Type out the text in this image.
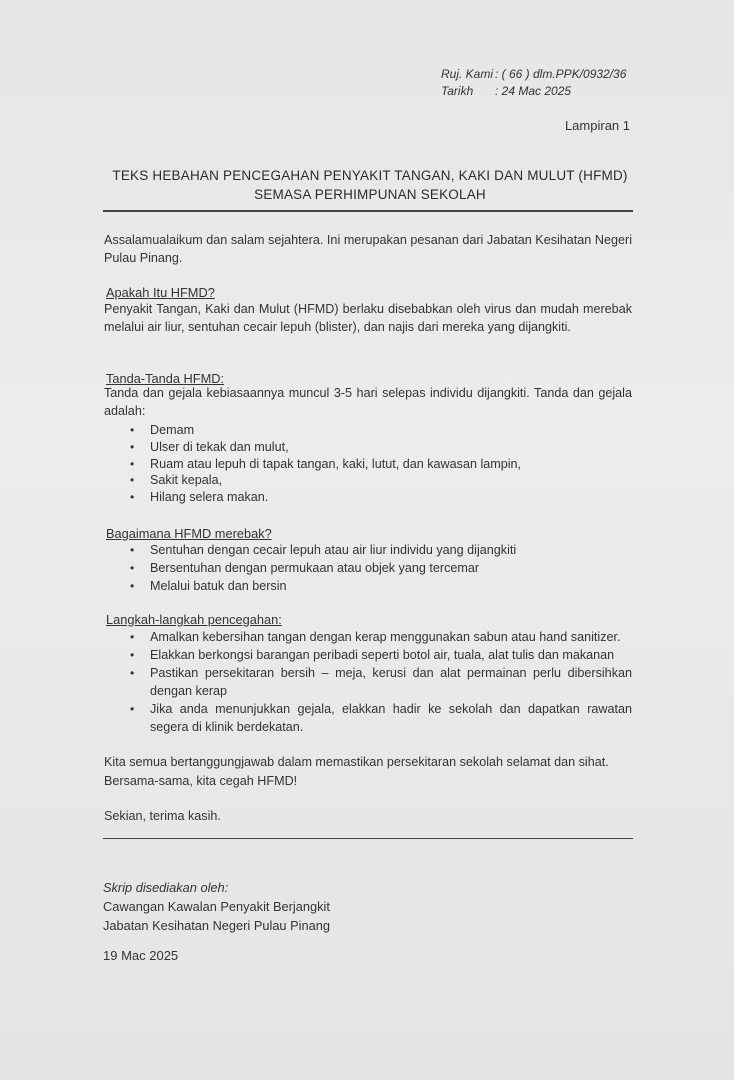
Ruj. Kami : ( 66 ) dlm.PPK/0932/36
Tarikh	: 24 Mac 2025
Lampiran 1
TEKS HEBAHAN PENCEGAHAN PENYAKIT TANGAN, KAKI DAN MULUT (HFMD)
SEMASA PERHIMPUNAN SEKOLAH
Assalamualaikum dan salam sejahtera. Ini merupakan pesanan dari Jabatan Kesihatan Negeri Pulau Pinang.
Apakah Itu HFMD?
Penyakit Tangan, Kaki dan Mulut (HFMD) berlaku disebabkan oleh virus dan mudah merebak melalui air liur, sentuhan cecair lepuh (blister), dan najis dari mereka yang dijangkiti.
Tanda-Tanda HFMD:
Tanda dan gejala kebiasaannya muncul 3-5 hari selepas individu dijangkiti. Tanda dan gejala adalah:
• Demam
• Ulser di tekak dan mulut,
• Ruam atau lepuh di tapak tangan, kaki, lutut, dan kawasan lampin,
• Sakit kepala,
• Hilang selera makan.
Bagaimana HFMD merebak?
• Sentuhan dengan cecair lepuh atau air liur individu yang dijangkiti
• Bersentuhan dengan permukaan atau objek yang tercemar
• Melalui batuk dan bersin
Langkah-langkah pencegahan:
• Amalkan kebersihan tangan dengan kerap menggunakan sabun atau hand sanitizer.
• Elakkan berkongsi barangan peribadi seperti botol air, tuala, alat tulis dan makanan
• Pastikan persekitaran bersih – meja, kerusi dan alat permainan perlu dibersihkan dengan kerap
• Jika anda menunjukkan gejala, elakkan hadir ke sekolah dan dapatkan rawatan segera di klinik berdekatan.
Kita semua bertanggungjawab dalam memastikan persekitaran sekolah selamat dan sihat.
Bersama-sama, kita cegah HFMD!
Sekian, terima kasih.
Skrip disediakan oleh:
Cawangan Kawalan Penyakit Berjangkit
Jabatan Kesihatan Negeri Pulau Pinang
19 Mac 2025
